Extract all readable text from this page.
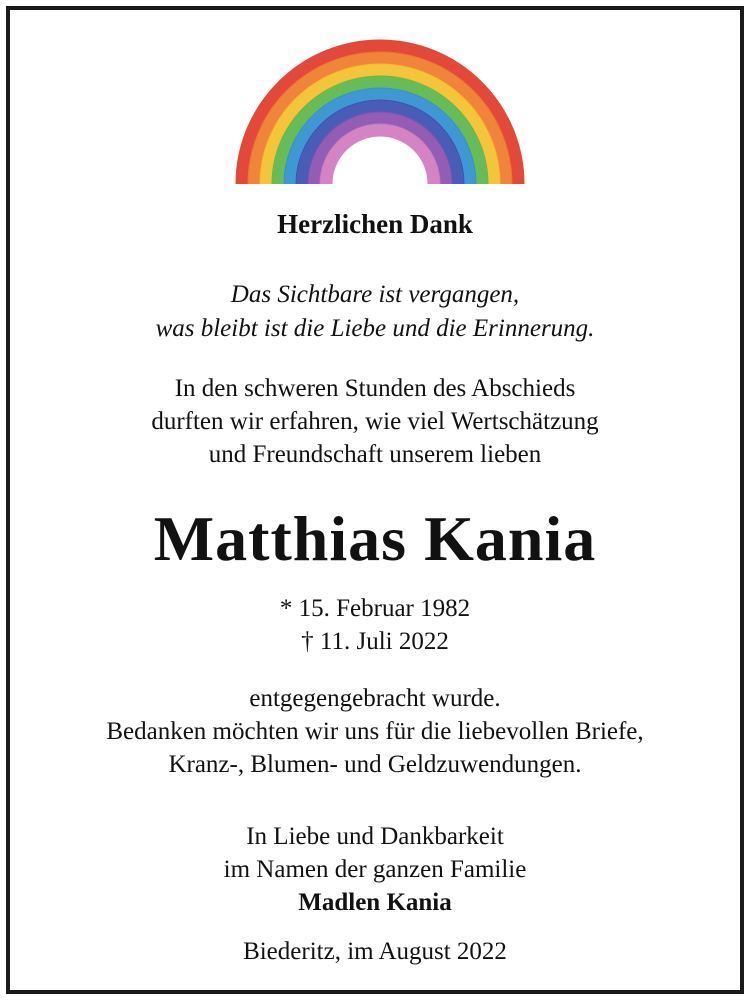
Herzlichen Dank
Das Sichtbare ist vergangen,
was bleibt ist die Liebe und die Erinnerung.
In den schweren Stunden des Abschieds
durften wir erfahren, wie viel Wertschätzung
und Freundschaft unserem lieben
Matthias Kania
* 15. Februar 1982
† 11. Juli 2022
entgegengebracht wurde.
Bedanken möchten wir uns für die liebevollen Briefe,
Kranz-, Blumen- und Geldzuwendungen.
In Liebe und Dankbarkeit
im Namen der ganzen Familie
Madlen Kania
Biederitz, im August 2022
